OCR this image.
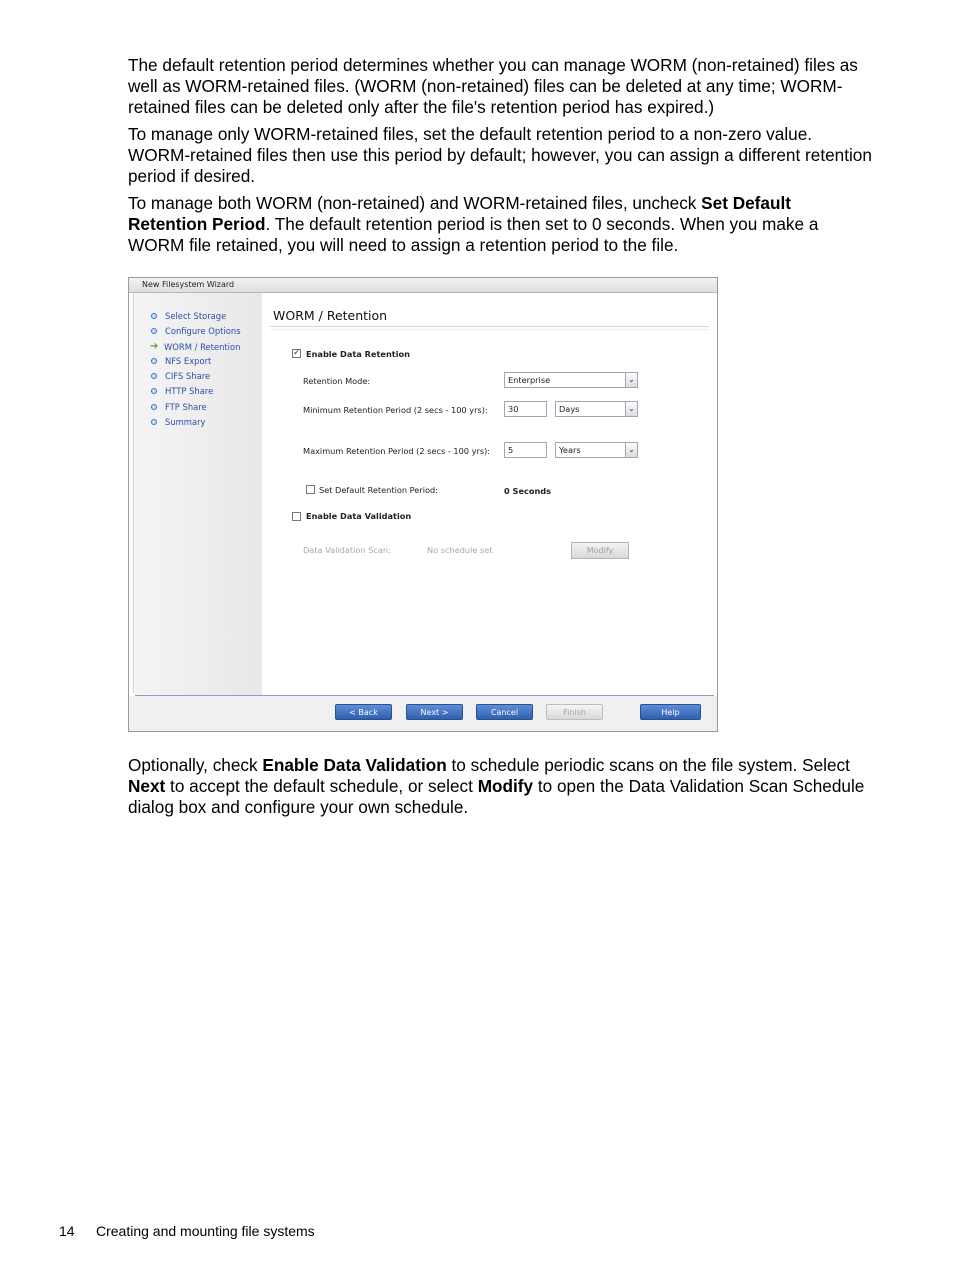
The default retention period determines whether you can manage WORM (non-retained) files as well as WORM-retained files. (WORM (non-retained) files can be deleted at any time; WORM-retained files can be deleted only after the file's retention period has expired.)

To manage only WORM-retained files, set the default retention period to a non-zero value. WORM-retained files then use this period by default; however, you can assign a different retention period if desired.

To manage both WORM (non-retained) and WORM-retained files, uncheck Set Default Retention Period. The default retention period is then set to 0 seconds. When you make a WORM file retained, you will need to assign a retention period to the file.

New Filesystem Wizard
Select Storage
Configure Options
➔ WORM / Retention
NFS Export
CIFS Share
HTTP Share
FTP Share
Summary
WORM / Retention
✓ Enable Data Retention
Retention Mode:	Enterprise	⌄
Minimum Retention Period (2 secs - 100 yrs):	30	Days	⌄
Maximum Retention Period (2 secs - 100 yrs):	5	Years	⌄
Set Default Retention Period:	0 Seconds
Enable Data Validation
Data Validation Scan:	No schedule set	Modify
< Back	Next >	Cancel	Finish	Help

Optionally, check Enable Data Validation to schedule periodic scans on the file system. Select Next to accept the default schedule, or select Modify to open the Data Validation Scan Schedule dialog box and configure your own schedule.

14 Creating and mounting file systems
